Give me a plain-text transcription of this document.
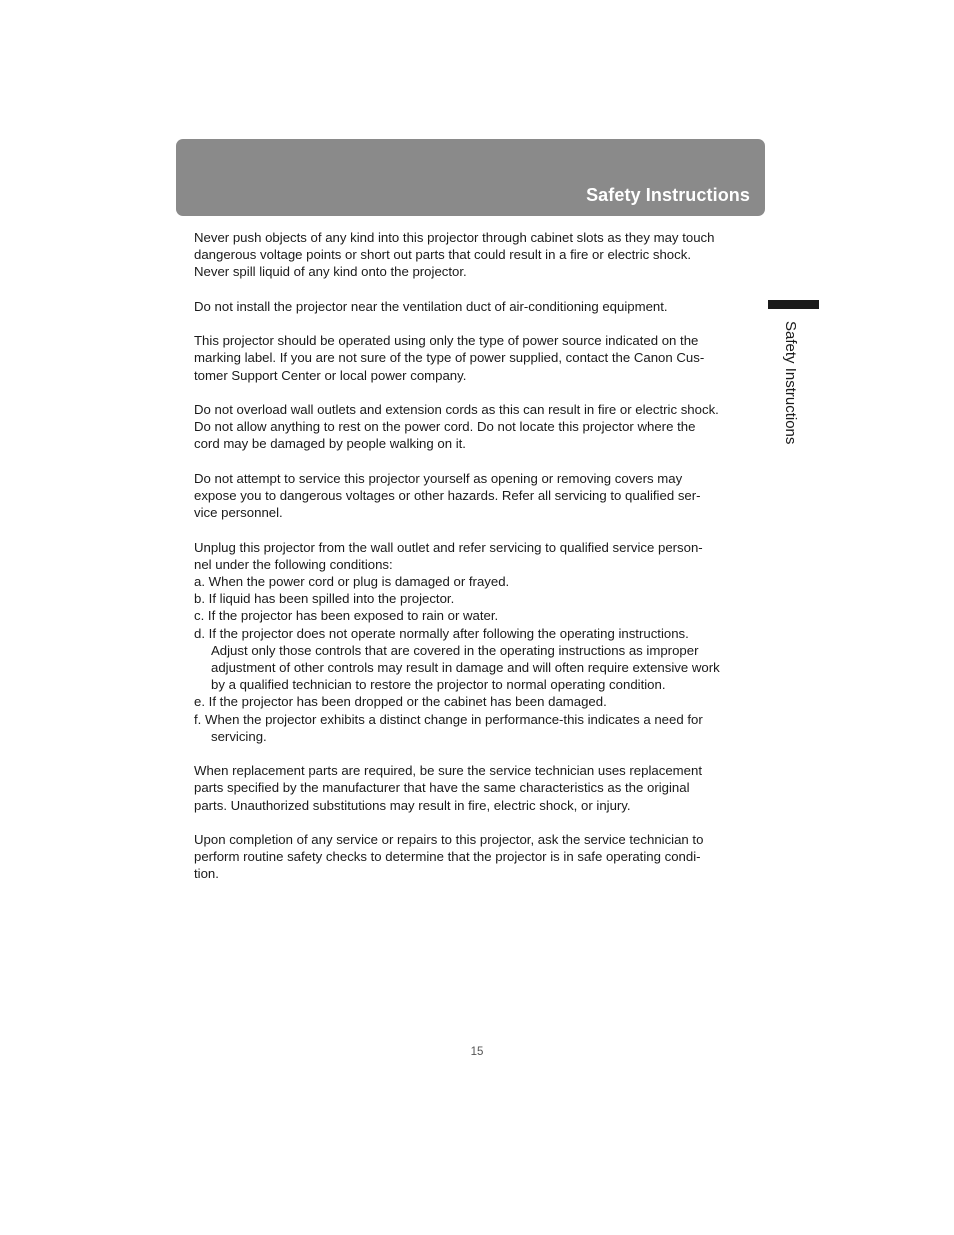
Safety Instructions
Safety Instructions

Never push objects of any kind into this projector through cabinet slots as they may touch
dangerous voltage points or short out parts that could result in a fire or electric shock.
Never spill liquid of any kind onto the projector.

Do not install the projector near the ventilation duct of air-conditioning equipment.

This projector should be operated using only the type of power source indicated on the
marking label. If you are not sure of the type of power supplied, contact the Canon Cus-
tomer Support Center or local power company.

Do not overload wall outlets and extension cords as this can result in fire or electric shock.
Do not allow anything to rest on the power cord. Do not locate this projector where the
cord may be damaged by people walking on it.

Do not attempt to service this projector yourself as opening or removing covers may
expose you to dangerous voltages or other hazards. Refer all servicing to qualified ser-
vice personnel.

Unplug this projector from the wall outlet and refer servicing to qualified service person-
nel under the following conditions:
a. When the power cord or plug is damaged or frayed.
b. If liquid has been spilled into the projector.
c. If the projector has been exposed to rain or water.
d. If the projector does not operate normally after following the operating instructions.
Adjust only those controls that are covered in the operating instructions as improper
adjustment of other controls may result in damage and will often require extensive work
by a qualified technician to restore the projector to normal operating condition.
e. If the projector has been dropped or the cabinet has been damaged.
f. When the projector exhibits a distinct change in performance-this indicates a need for
servicing.

When replacement parts are required, be sure the service technician uses replacement
parts specified by the manufacturer that have the same characteristics as the original
parts. Unauthorized substitutions may result in fire, electric shock, or injury.

Upon completion of any service or repairs to this projector, ask the service technician to
perform routine safety checks to determine that the projector is in safe operating condi-
tion.

15
